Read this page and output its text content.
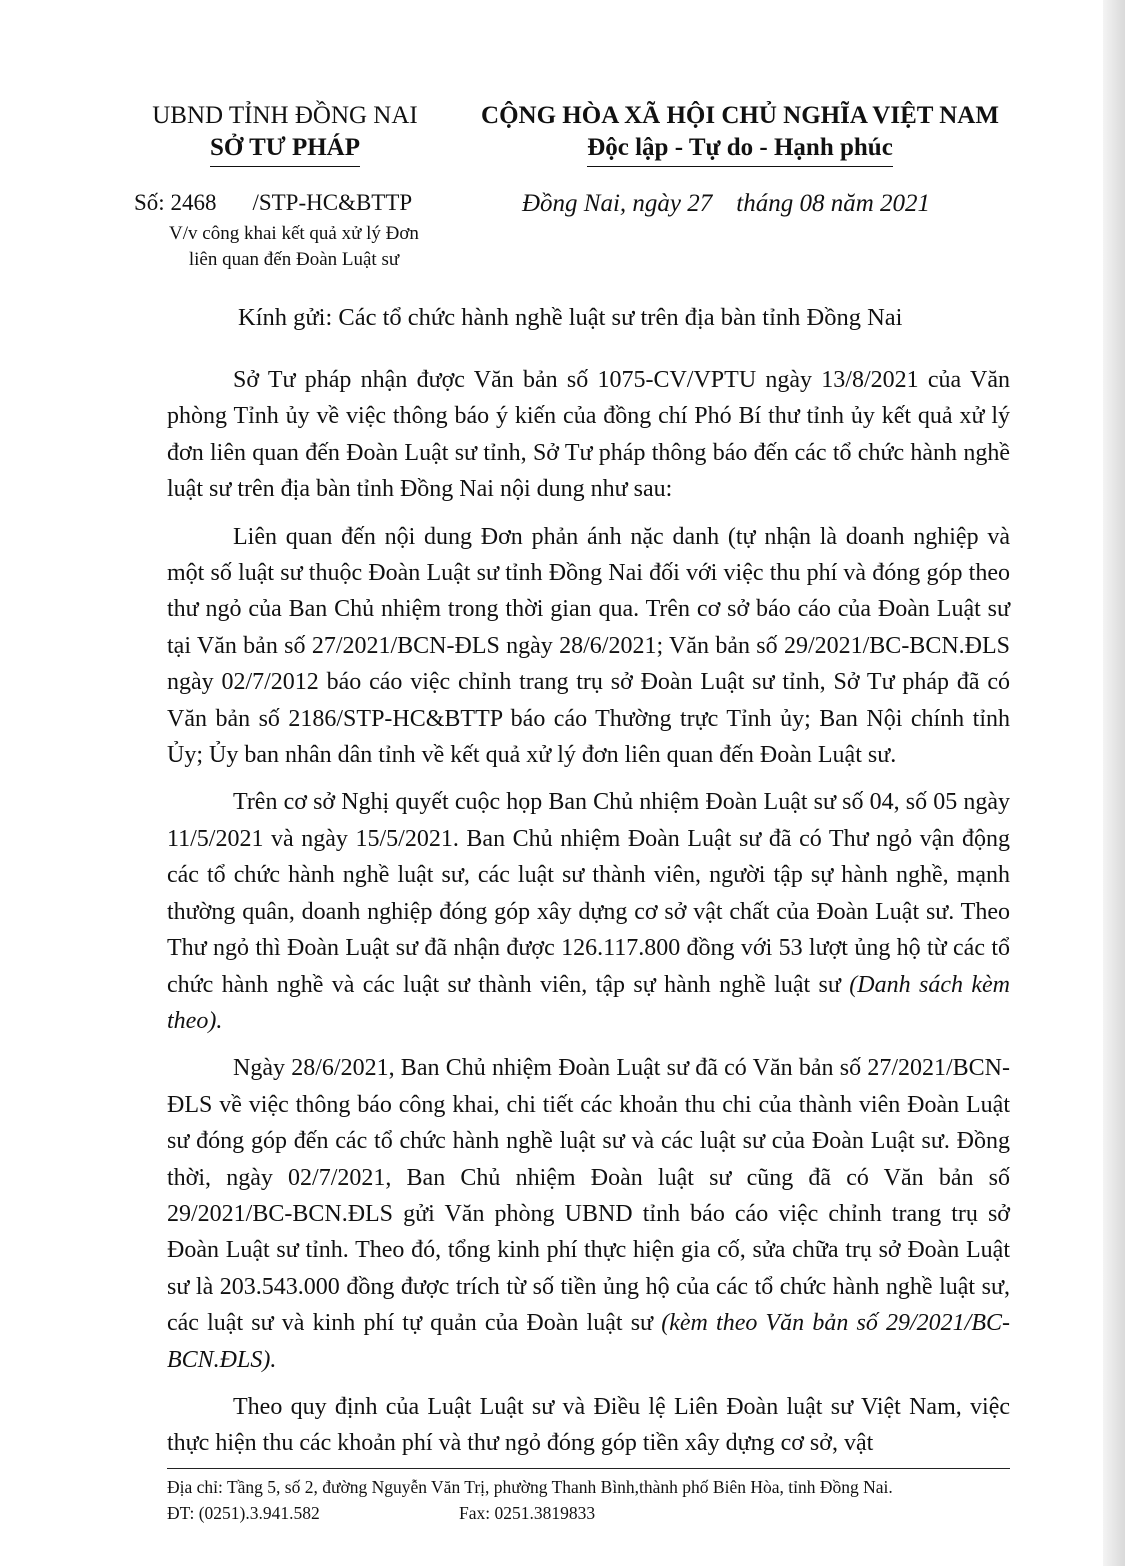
UBND TỈNH ĐỒNG NAI
SỞ TƯ PHÁP
CỘNG HÒA XÃ HỘI CHỦ NGHĨA VIỆT NAM
Độc lập - Tự do - Hạnh phúc
Số: 2468 /STP-HC&BTTP
V/v công khai kết quả xử lý Đơn
liên quan đến Đoàn Luật sư
Đồng Nai, ngày 27 tháng 08 năm 2021
Kính gửi: Các tổ chức hành nghề luật sư trên địa bàn tỉnh Đồng Nai

Sở Tư pháp nhận được Văn bản số 1075-CV/VPTU ngày 13/8/2021 của Văn phòng Tỉnh ủy về việc thông báo ý kiến của đồng chí Phó Bí thư tỉnh ủy kết quả xử lý đơn liên quan đến Đoàn Luật sư tỉnh, Sở Tư pháp thông báo đến các tổ chức hành nghề luật sư trên địa bàn tỉnh Đồng Nai nội dung như sau:

Liên quan đến nội dung Đơn phản ánh nặc danh (tự nhận là doanh nghiệp và một số luật sư thuộc Đoàn Luật sư tỉnh Đồng Nai đối với việc thu phí và đóng góp theo thư ngỏ của Ban Chủ nhiệm trong thời gian qua. Trên cơ sở báo cáo của Đoàn Luật sư tại Văn bản số 27/2021/BCN-ĐLS ngày 28/6/2021; Văn bản số 29/2021/BC-BCN.ĐLS ngày 02/7/2012 báo cáo việc chỉnh trang trụ sở Đoàn Luật sư tỉnh, Sở Tư pháp đã có Văn bản số 2186/STP-HC&BTTP báo cáo Thường trực Tỉnh ủy; Ban Nội chính tỉnh Ủy; Ủy ban nhân dân tỉnh về kết quả xử lý đơn liên quan đến Đoàn Luật sư.

Trên cơ sở Nghị quyết cuộc họp Ban Chủ nhiệm Đoàn Luật sư số 04, số 05 ngày 11/5/2021 và ngày 15/5/2021. Ban Chủ nhiệm Đoàn Luật sư đã có Thư ngỏ vận động các tổ chức hành nghề luật sư, các luật sư thành viên, người tập sự hành nghề, mạnh thường quân, doanh nghiệp đóng góp xây dựng cơ sở vật chất của Đoàn Luật sư. Theo Thư ngỏ thì Đoàn Luật sư đã nhận được 126.117.800 đồng với 53 lượt ủng hộ từ các tổ chức hành nghề và các luật sư thành viên, tập sự hành nghề luật sư (Danh sách kèm theo).

Ngày 28/6/2021, Ban Chủ nhiệm Đoàn Luật sư đã có Văn bản số 27/2021/BCN-ĐLS về việc thông báo công khai, chi tiết các khoản thu chi của thành viên Đoàn Luật sư đóng góp đến các tổ chức hành nghề luật sư và các luật sư của Đoàn Luật sư. Đồng thời, ngày 02/7/2021, Ban Chủ nhiệm Đoàn luật sư cũng đã có Văn bản số 29/2021/BC-BCN.ĐLS gửi Văn phòng UBND tỉnh báo cáo việc chỉnh trang trụ sở Đoàn Luật sư tỉnh. Theo đó, tổng kinh phí thực hiện gia cố, sửa chữa trụ sở Đoàn Luật sư là 203.543.000 đồng được trích từ số tiền ủng hộ của các tổ chức hành nghề luật sư, các luật sư và kinh phí tự quản của Đoàn luật sư (kèm theo Văn bản số 29/2021/BC-BCN.ĐLS).

Theo quy định của Luật Luật sư và Điều lệ Liên Đoàn luật sư Việt Nam, việc thực hiện thu các khoản phí và thư ngỏ đóng góp tiền xây dựng cơ sở, vật

Địa chỉ: Tầng 5, số 2, đường Nguyễn Văn Trị, phường Thanh Bình,thành phố Biên Hòa, tỉnh Đồng Nai.
ĐT: (0251).3.941.582	Fax: 0251.3819833
